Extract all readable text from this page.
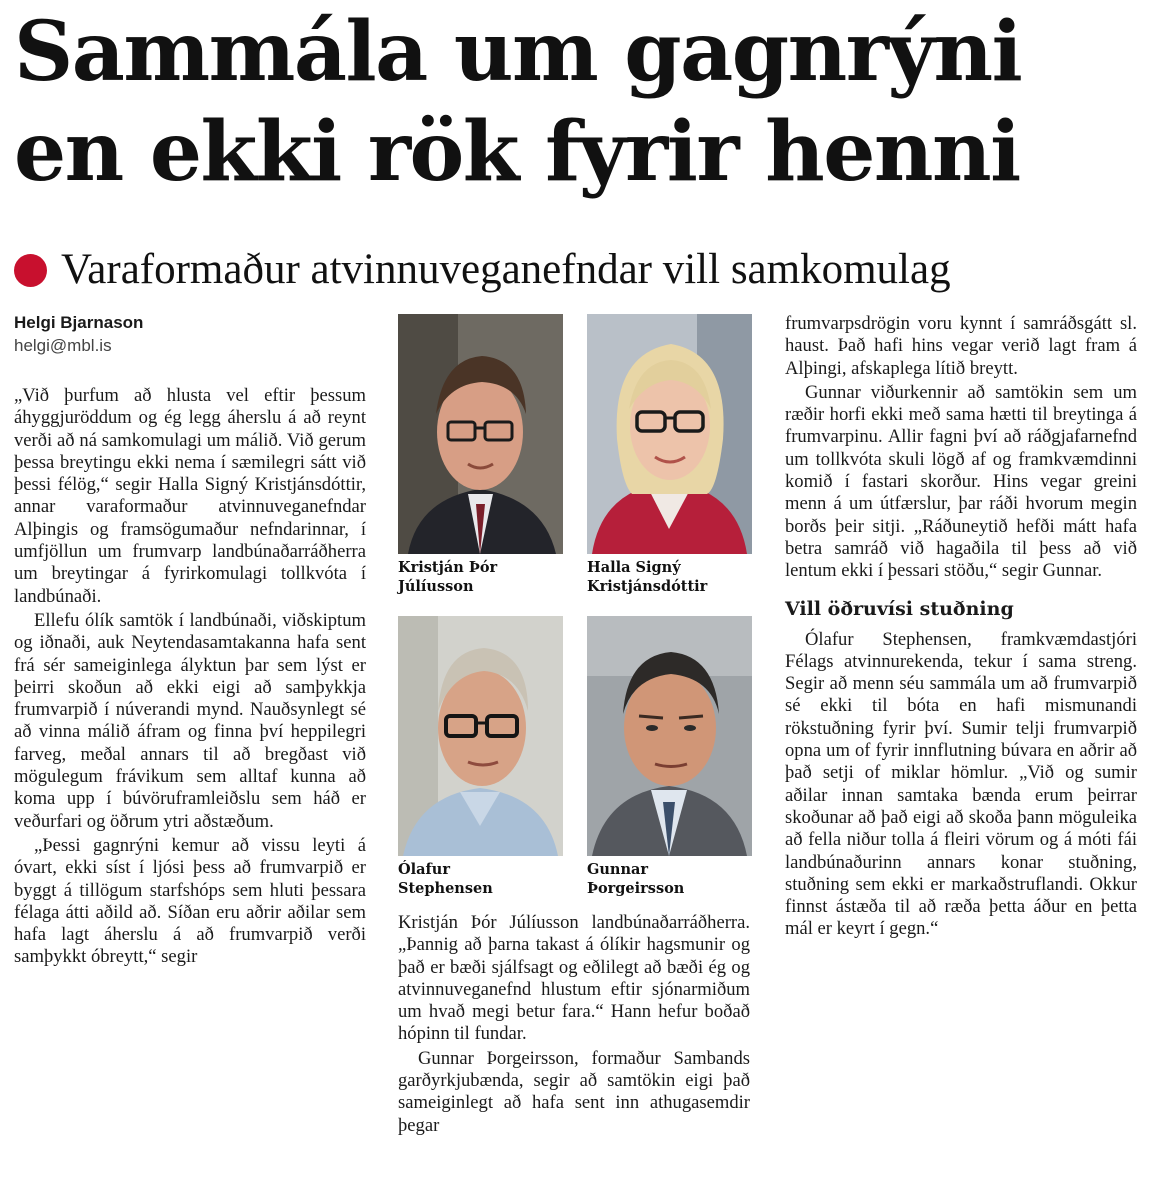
Sammála um gagnrýni
en ekki rök fyrir henni
Varaformaður atvinnuveganefndar vill samkomulag
Helgi Bjarnason
helgi@mbl.is

„Við þurfum að hlusta vel eftir þessum áhyggjuröddum og ég legg áherslu á að reynt verði að ná samkomulagi um málið. Við gerum þessa breytingu ekki nema í sæmilegri sátt við þessi félög,“ segir Halla Signý Kristjánsdóttir, annar varaformaður atvinnuveganefndar Alþingis og framsögumaður nefndarinnar, í umfjöllun um frumvarp landbúnaðarráðherra um breytingar á fyrirkomulagi tollkvóta í landbúnaði.

Ellefu ólík samtök í landbúnaði, viðskiptum og iðnaði, auk Neytendasamtakanna hafa sent frá sér sameiginlega ályktun þar sem lýst er þeirri skoðun að ekki eigi að samþykkja frumvarpið í núverandi mynd. Nauðsynlegt sé að vinna málið áfram og finna því heppilegri farveg, meðal annars til að bregðast við mögulegum frávikum sem alltaf kunna að koma upp í búvöruframleiðslu sem háð er veðurfari og öðrum ytri aðstæðum.

„Þessi gagnrýni kemur að vissu leyti á óvart, ekki síst í ljósi þess að frumvarpið er byggt á tillögum starfshóps sem hluti þessara félaga átti aðild að. Síðan eru aðrir aðilar sem hafa lagt áherslu á að frumvarpið verði samþykkt óbreytt,“ segir

Kristján Þór
Júlíusson
Halla Signý
Kristjánsdóttir
Ólafur
Stephensen
Gunnar
Þorgeirsson

Kristján Þór Júlíusson landbúnaðarráðherra. „Þannig að þarna takast á ólíkir hagsmunir og það er bæði sjálfsagt og eðlilegt að bæði ég og atvinnuveganefnd hlustum eftir sjónarmiðum um hvað megi betur fara.“ Hann hefur boðað hópinn til fundar.

Gunnar Þorgeirsson, formaður Sambands garðyrkjubænda, segir að samtökin eigi það sameiginlegt að hafa sent inn athugasemdir þegar

frumvarpsdrögin voru kynnt í samráðsgátt sl. haust. Það hafi hins vegar verið lagt fram á Alþingi, afskaplega lítið breytt.

Gunnar viðurkennir að samtökin sem um ræðir horfi ekki með sama hætti til breytinga á frumvarpinu. Allir fagni því að ráðgjafarnefnd um tollkvóta skuli lögð af og framkvæmdinni komið í fastari skorður. Hins vegar greini menn á um útfærslur, þar ráði hvorum megin borðs þeir sitji. „Ráðuneytið hefði mátt hafa betra samráð við hagaðila til þess að við lentum ekki í þessari stöðu,“ segir Gunnar.

Vill öðruvísi stuðning

Ólafur Stephensen, framkvæmdastjóri Félags atvinnurekenda, tekur í sama streng. Segir að menn séu sammála um að frumvarpið sé ekki til bóta en hafi mismunandi rökstuðning fyrir því. Sumir telji frumvarpið opna um of fyrir innflutning búvara en aðrir að það setji of miklar hömlur. „Við og sumir aðilar innan samtaka bænda erum þeirrar skoðunar að það eigi að skoða þann möguleika að fella niður tolla á fleiri vörum og á móti fái landbúnaðurinn annars konar stuðning, stuðning sem ekki er markaðstruflandi. Okkur finnst ástæða til að ræða þetta áður en þetta mál er keyrt í gegn.“
